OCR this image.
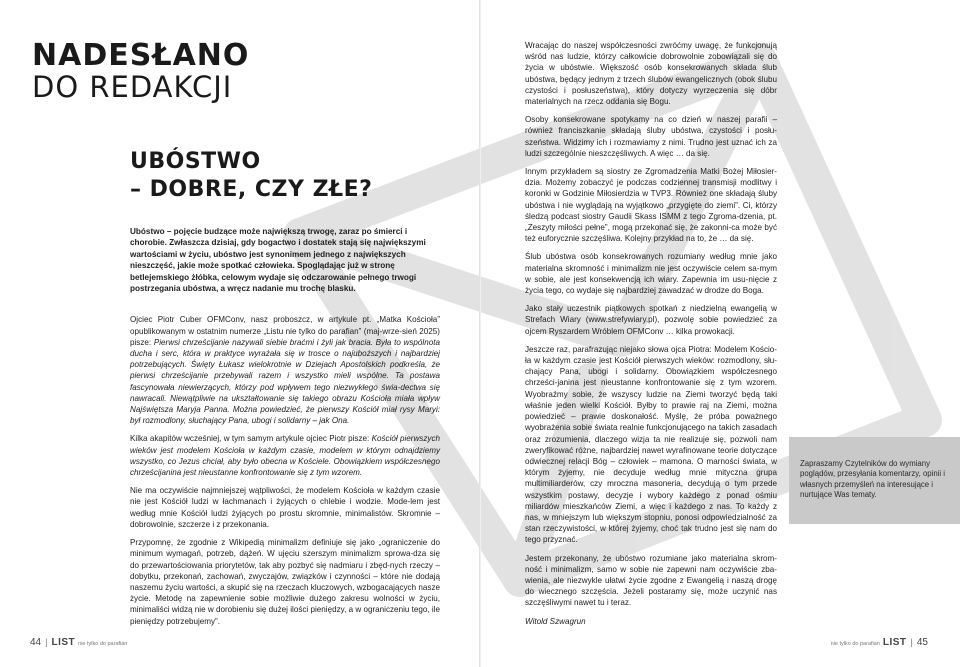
NADESŁANO
DO REDAKCJI
UBÓSTWO
– DOBRE, CZY ZŁE?

Ubóstwo – pojęcie budzące może największą trwogę, zaraz po śmierci i chorobie. Zwłaszcza dzisiaj, gdy bogactwo i dostatek stają się największymi wartościami w życiu, ubóstwo jest synonimem jednego z największych nieszczęść, jakie może spotkać człowieka. Spoglądając już w stronę betlejemskiego żłóbka, celowym wydaje się odczarowanie pełnego trwogi postrzegania ubóstwa, a wręcz nadanie mu trochę blasku.

Ojciec Piotr Cuber OFMConv, nasz proboszcz, w artykule pt. „Matka Kościoła” opublikowanym w ostatnim numerze „Listu nie tylko do parafian” (maj-wrze-sień 2025) pisze: Pierwsi chrześcijanie nazywali siebie braćmi i żyli jak bracia. Była to wspólnota ducha i serc, która w praktyce wyrażała się w trosce o najuboższych i najbardziej potrzebujących. Święty Łukasz wielokrotnie w Dziejach Apostolskich podkreśla, że pierwsi chrześcijanie przebywali razem i wszystko mieli wspólne. Ta postawa fascynowała niewierzących, którzy pod wpływem tego niezwykłego świa-dectwa się nawracali. Niewątpliwie na ukształtowanie się takiego obrazu Kościoła miała wpływ Najświętsza Maryja Panna. Można powiedzieć, że pierwszy Kościół miał rysy Maryi: był rozmodlony, słuchający Pana, ubogi i solidarny – jak Ona.

Kilka akapitów wcześniej, w tym samym artykule ojciec Piotr pisze: Kościół pierwszych wieków jest modelem Kościoła w każdym czasie, modelem w którym odnajdziemy wszystko, co Jezus chciał, aby było obecna w Kościele. Obowiązkiem współczesnego chrześcijanina jest nieustanne konfrontowanie się z tym wzorem.

Nie ma oczywiście najmniejszej wątpliwości, że modelem Kościoła w każdym czasie nie jest Kościół ludzi w łachmanach i żyjących o chlebie i wodzie. Mode-lem jest według mnie Kościół ludzi żyjących po prostu skromnie, minimalistów. Skromnie – dobrowolnie, szczerze i z przekonania.

Przypomnę, że zgodnie z Wikipedią minimalizm definiuje się jako „ograniczenie do minimum wymagań, potrzeb, dążeń. W ujęciu szerszym minimalizm sprowa-dza się do przewartościowania priorytetów, tak aby pozbyć się nadmiaru i zbęd-nych rzeczy – dobytku, przekonań, zachowań, zwyczajów, związków i czynności – które nie dodają naszemu życiu wartości, a skupić się na rzeczach kluczowych, wzbogacających nasze życie. Metodę na zapewnienie sobie możliwie dużego zakresu wolności w życiu, minimaliści widzą nie w dorobieniu się dużej ilości pieniędzy, a w ograniczeniu tego, ile pieniędzy potrzebujemy”.

Wracając do naszej współczesności zwróćmy uwagę, że funkcjonują wśród nas ludzie, którzy całkowicie dobrowolnie zobowiązali się do życia w ubóstwie. Większość osób konsekrowanych składa ślub ubóstwa, będący jednym z trzech ślubów ewangelicznych (obok ślubu czystości i posłuszeństwa), który dotyczy wyrzeczenia się dóbr materialnych na rzecz oddania się Bogu.

Osoby konsekrowane spotykamy na co dzień w naszej parafii – również franciszkanie składają śluby ubóstwa, czystości i posłu-szeństwa. Widzimy ich i rozmawiamy z nimi. Trudno jest uznać ich za ludzi szczególnie nieszczęśliwych. A więc … da się.

Innym przykładem są siostry ze Zgromadzenia Matki Bożej Miłosier-dzia. Możemy zobaczyć je podczas codziennej transmisji modlitwy i koronki w Godzinie Miłosierdzia w TVP3. Również one składają śluby ubóstwa i nie wyglądają na wyjątkowo „przygięte do ziemi”. Ci, którzy śledzą podcast siostry Gaudii Skass ISMM z tego Zgroma-dzenia, pt. „Zeszyty miłości pełne”, mogą przekonać się, że zakonni-ca może być też euforycznie szczęśliwa. Kolejny przykład na to, że … da się.

Ślub ubóstwa osób konsekrowanych rozumiany według mnie jako materialna skromność i minimalizm nie jest oczywiście celem sa-mym w sobie, ale jest konsekwencją ich wiary. Zapewnia im usu-nięcie z życia tego, co wydaje się najbardziej zawadzać w drodze do Boga.

Jako stały uczestnik piątkowych spotkań z niedzielną ewangelią w Strefach Wiary (www.strefywiary.pl), pozwolę sobie powiedzieć za ojcem Ryszardem Wróblem OFMConv … kilka prowokacji.

Jeszcze raz, parafrazując niejako słowa ojca Piotra: Modelem Kościo-ła w każdym czasie jest Kościół pierwszych wieków: rozmodlony, słu-chający Pana, ubogi i solidarny. Obowiązkiem współczesnego chrześci-janina jest nieustanne konfrontowanie się z tym wzorem. Wyobraźmy sobie, że wszyscy ludzie na Ziemi tworzyć będą taki właśnie jeden wielki Kościół. Byłby to prawie raj na Ziemi, można powiedzieć – prawie doskonałość. Myślę, że próba poważnego wyobrażenia sobie świata realnie funkcjonującego na takich zasadach oraz zrozumienia, dlaczego wizja ta nie realizuje się, pozwoli nam zweryfikować różne, najbardziej nawet wyrafinowane teorie dotyczące odwiecznej relacji Bóg – człowiek – mamona. O marności świata, w którym żyjemy, nie decyduje według mnie mityczna grupa multimiliarderów, czy mroczna masoneria, decydują o tym przede wszystkim postawy, decyzje i wybory każdego z ponad ośmiu miliardów mieszkańców Ziemi, a więc i każdego z nas. To każdy z nas, w mniejszym lub większym stopniu, ponosi odpowiedzialność za stan rzeczywistości, w której żyjemy, choć tak trudno jest się nam do tego przyznać.

Jestem przekonany, że ubóstwo rozumiane jako materialna skrom-ność i minimalizm, samo w sobie nie zapewni nam oczywiście zba-wienia, ale niezwykle ułatwi życie zgodne z Ewangelią i naszą drogę do wiecznego szczęścia. Jeżeli postaramy się, może uczynić nas szczęśliwymi nawet tu i teraz.

Witold Szwagrun

Zapraszamy Czytelników do wymiany poglądów, przesyłania komentarzy, opinii i własnych przemyśleń na interesujące i nurtujące Was tematy.
44 | LIST nie tylko do parafian	nie tylko do parafian LIST | 45
